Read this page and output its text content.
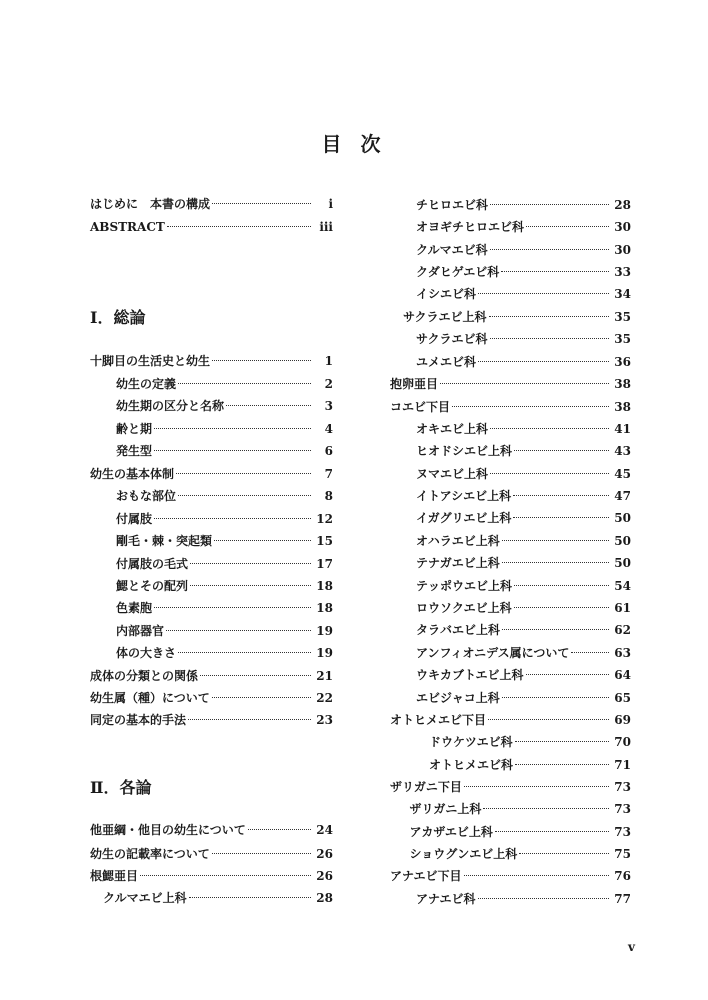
目 次
はじめに　本書の構成	i
ABSTRACT	iii
Ⅰ．総論
十脚目の生活史と幼生	1
幼生の定義	2
幼生期の区分と名称	3
齢と期	4
発生型	6
幼生の基本体制	7
おもな部位	8
付属肢	12
剛毛・棘・突起類	15
付属肢の毛式	17
鰓とその配列	18
色素胞	18
内部器官	19
体の大きさ	19
成体の分類との関係	21
幼生属（種）について	22
同定の基本的手法	23
Ⅱ．各論
他亜綱・他目の幼生について	24
幼生の記載率について	26
根鰓亜目	26
クルマエビ上科	28
チヒロエビ科	28
オヨギチヒロエビ科	30
クルマエビ科	30
クダヒゲエビ科	33
イシエビ科	34
サクラエビ上科	35
サクラエビ科	35
ユメエビ科	36
抱卵亜目	38
コエビ下目	38
オキエビ上科	41
ヒオドシエビ上科	43
ヌマエビ上科	45
イトアシエビ上科	47
イガグリエビ上科	50
オハラエビ上科	50
テナガエビ上科	50
テッポウエビ上科	54
ロウソクエビ上科	61
タラバエビ上科	62
アンフィオニデス属について	63
ウキカブトエビ上科	64
エビジャコ上科	65
オトヒメエビ下目	69
ドウケツエビ科	70
オトヒメエビ科	71
ザリガニ下目	73
ザリガニ上科	73
アカザエビ上科	73
ショウグンエビ上科	75
アナエビ下目	76
アナエビ科	77
v
